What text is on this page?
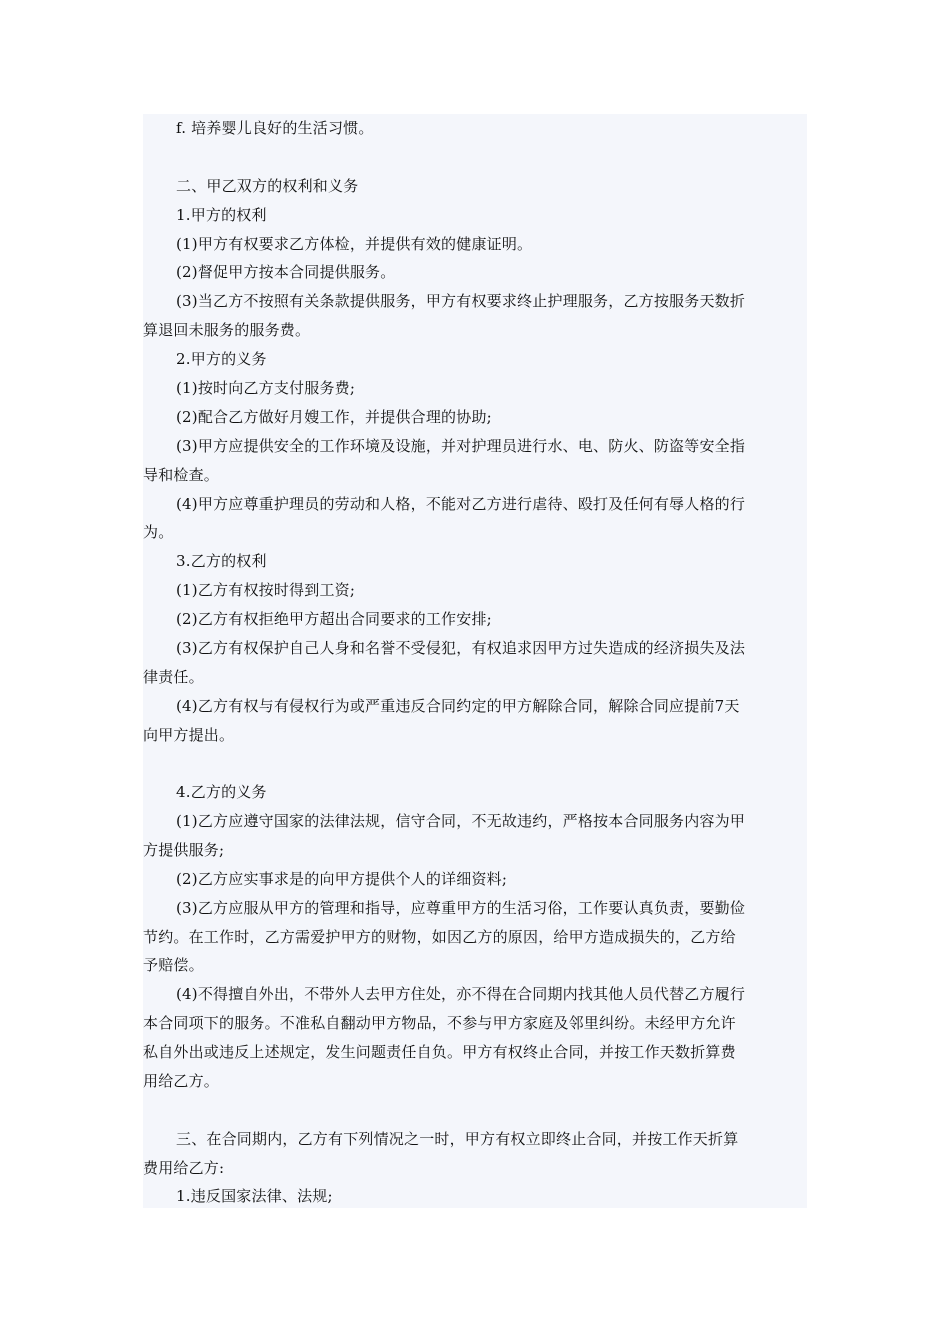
f. 培养婴儿良好的生活习惯。
二、甲乙双方的权利和义务
1.甲方的权利
(1)甲方有权要求乙方体检，并提供有效的健康证明。
(2)督促甲方按本合同提供服务。
(3)当乙方不按照有关条款提供服务，甲方有权要求终止护理服务，乙方按服务天数折
算退回未服务的服务费。
2.甲方的义务
(1)按时向乙方支付服务费;
(2)配合乙方做好月嫂工作，并提供合理的协助;
(3)甲方应提供安全的工作环境及设施，并对护理员进行水、电、防火、防盗等安全指
导和检查。
(4)甲方应尊重护理员的劳动和人格，不能对乙方进行虐待、殴打及任何有辱人格的行
为。
3.乙方的权利
(1)乙方有权按时得到工资;
(2)乙方有权拒绝甲方超出合同要求的工作安排;
(3)乙方有权保护自己人身和名誉不受侵犯，有权追求因甲方过失造成的经济损失及法
律责任。
(4)乙方有权与有侵权行为或严重违反合同约定的甲方解除合同，解除合同应提前7天
向甲方提出。
4.乙方的义务
(1)乙方应遵守国家的法律法规，信守合同，不无故违约，严格按本合同服务内容为甲
方提供服务;
(2)乙方应实事求是的向甲方提供个人的详细资料;
(3)乙方应服从甲方的管理和指导，应尊重甲方的生活习俗，工作要认真负责，要勤俭
节约。在工作时，乙方需爱护甲方的财物，如因乙方的原因，给甲方造成损失的，乙方给
予赔偿。
(4)不得擅自外出，不带外人去甲方住处，亦不得在合同期内找其他人员代替乙方履行
本合同项下的服务。不准私自翻动甲方物品，不参与甲方家庭及邻里纠纷。未经甲方允许
私自外出或违反上述规定，发生问题责任自负。甲方有权终止合同，并按工作天数折算费
用给乙方。
三、在合同期内，乙方有下列情况之一时，甲方有权立即终止合同，并按工作天折算
费用给乙方:
1.违反国家法律、法规;
